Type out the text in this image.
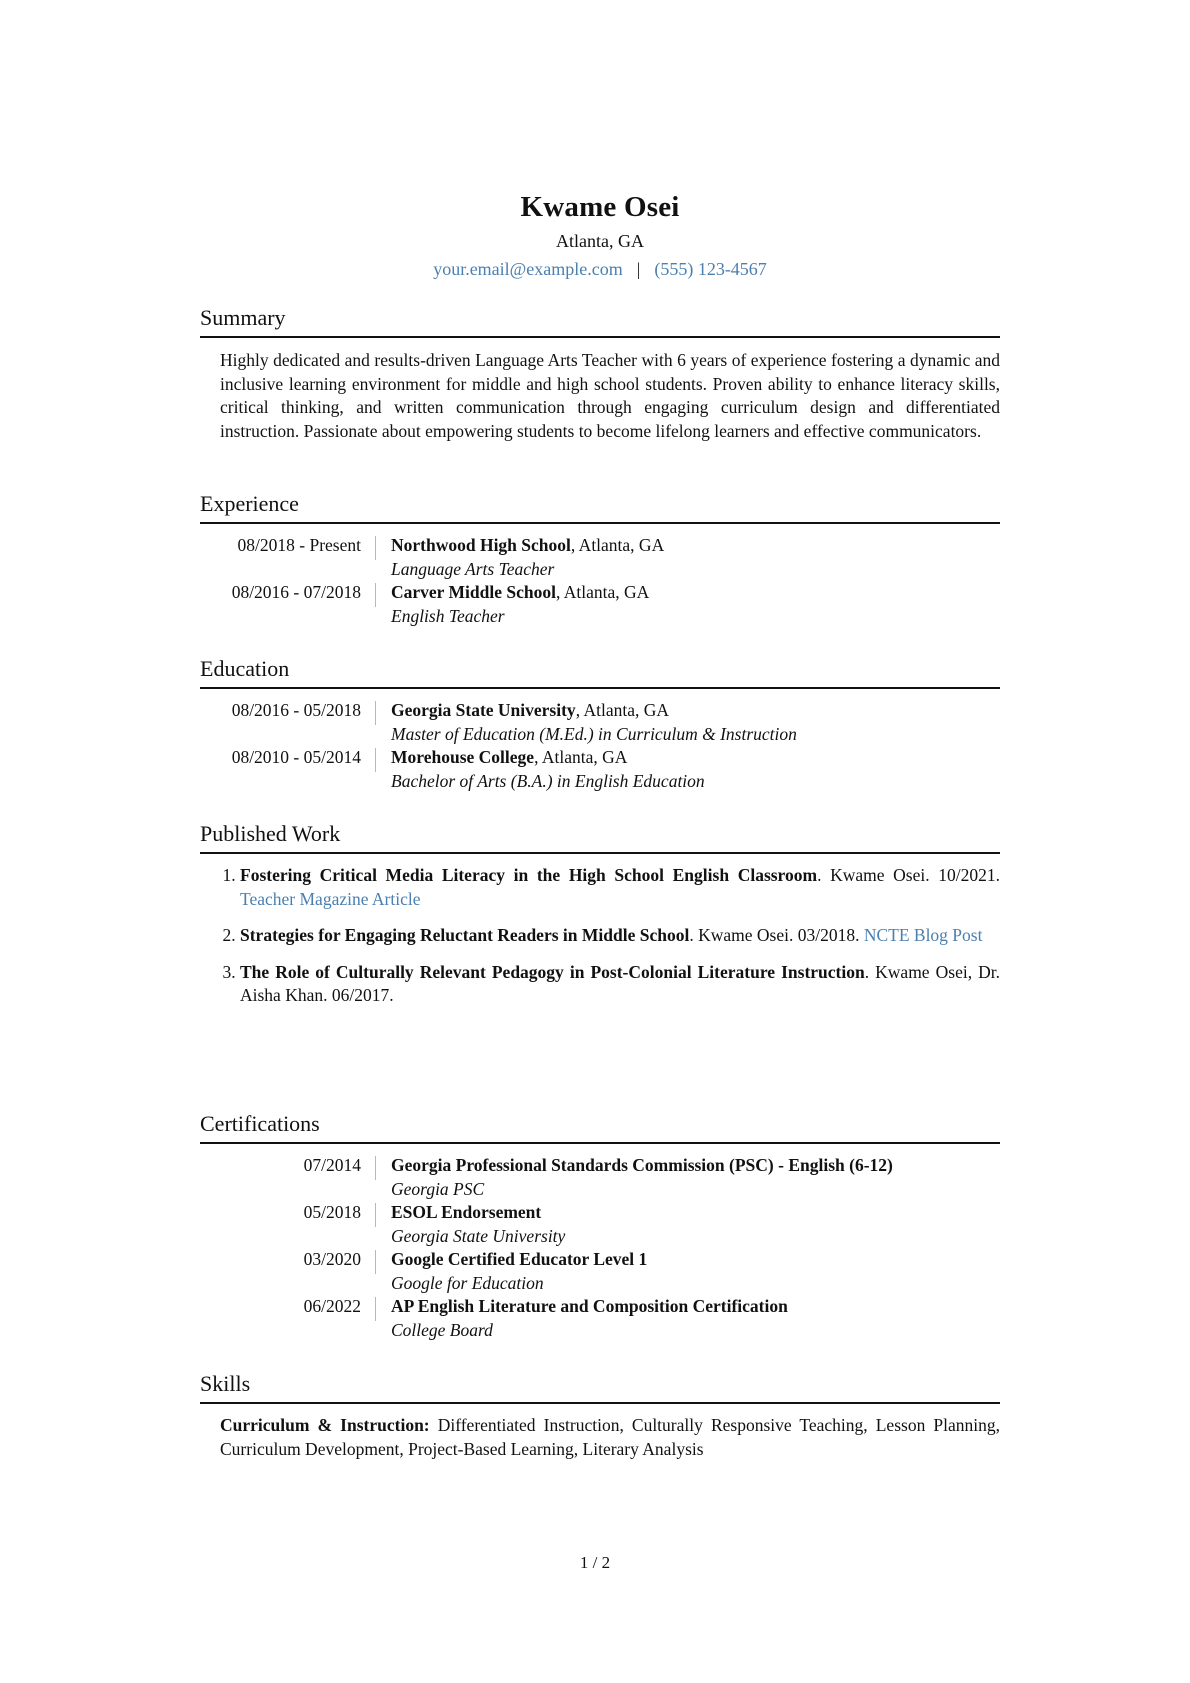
Kwame Osei
Atlanta, GA
your.email@example.com | (555) 123-4567
Summary
Highly dedicated and results-driven Language Arts Teacher with 6 years of experience fostering a dynamic and inclusive learning environment for middle and high school students. Proven ability to enhance literacy skills, critical thinking, and written communication through engaging curriculum design and differentiated instruction. Passionate about empowering students to become lifelong learners and effective communicators.
Experience
08/2018 - Present	Northwood High School, Atlanta, GA
Language Arts Teacher
08/2016 - 07/2018	Carver Middle School, Atlanta, GA
English Teacher
Education
08/2016 - 05/2018	Georgia State University, Atlanta, GA
Master of Education (M.Ed.) in Curriculum & Instruction
08/2010 - 05/2014	Morehouse College, Atlanta, GA
Bachelor of Arts (B.A.) in English Education
Published Work
1. Fostering Critical Media Literacy in the High School English Classroom. Kwame Osei. 10/2021. Teacher Magazine Article
2. Strategies for Engaging Reluctant Readers in Middle School. Kwame Osei. 03/2018. NCTE Blog Post
3. The Role of Culturally Relevant Pedagogy in Post-Colonial Literature Instruction. Kwame Osei, Dr. Aisha Khan. 06/2017.
Certifications
07/2014	Georgia Professional Standards Commission (PSC) - English (6-12)
Georgia PSC
05/2018	ESOL Endorsement
Georgia State University
03/2020	Google Certified Educator Level 1
Google for Education
06/2022	AP English Literature and Composition Certification
College Board
Skills
Curriculum & Instruction: Differentiated Instruction, Culturally Responsive Teaching, Lesson Planning, Curriculum Development, Project-Based Learning, Literary Analysis
1 / 2
